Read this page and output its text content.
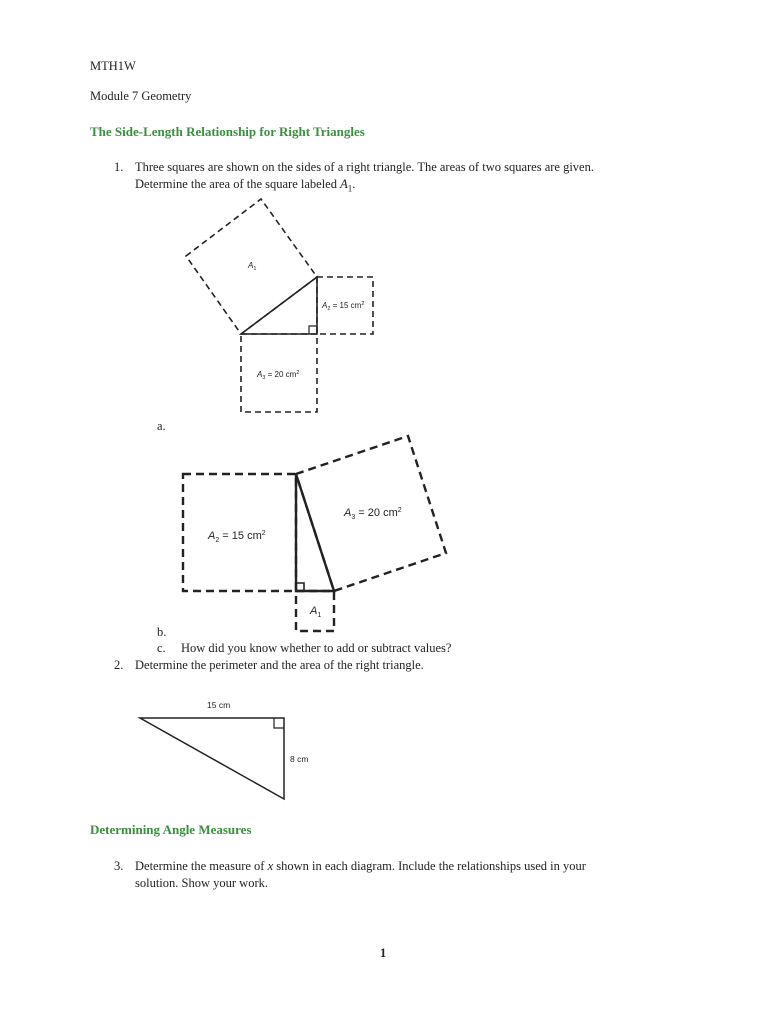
MTH1W
Module 7 Geometry
The Side-Length Relationship for Right Triangles
1. Three squares are shown on the sides of a right triangle. The areas of two squares are given.
Determine the area of the square labeled $A_1$.
$A_1$
$A_2 = 15$ $cm^2$
$A_3 = 20$ $cm^2$
a.
$A_2 = 15$ $cm^2$
$A_3 = 20$ $cm^2$
$A_1$
b.
c. How did you know whether to add or subtract values?
2. Determine the perimeter and the area of the right triangle.
15 cm
8 cm
Determining Angle Measures
3. Determine the measure of x shown in each diagram. Include the relationships used in your
solution. Show your work.
1
